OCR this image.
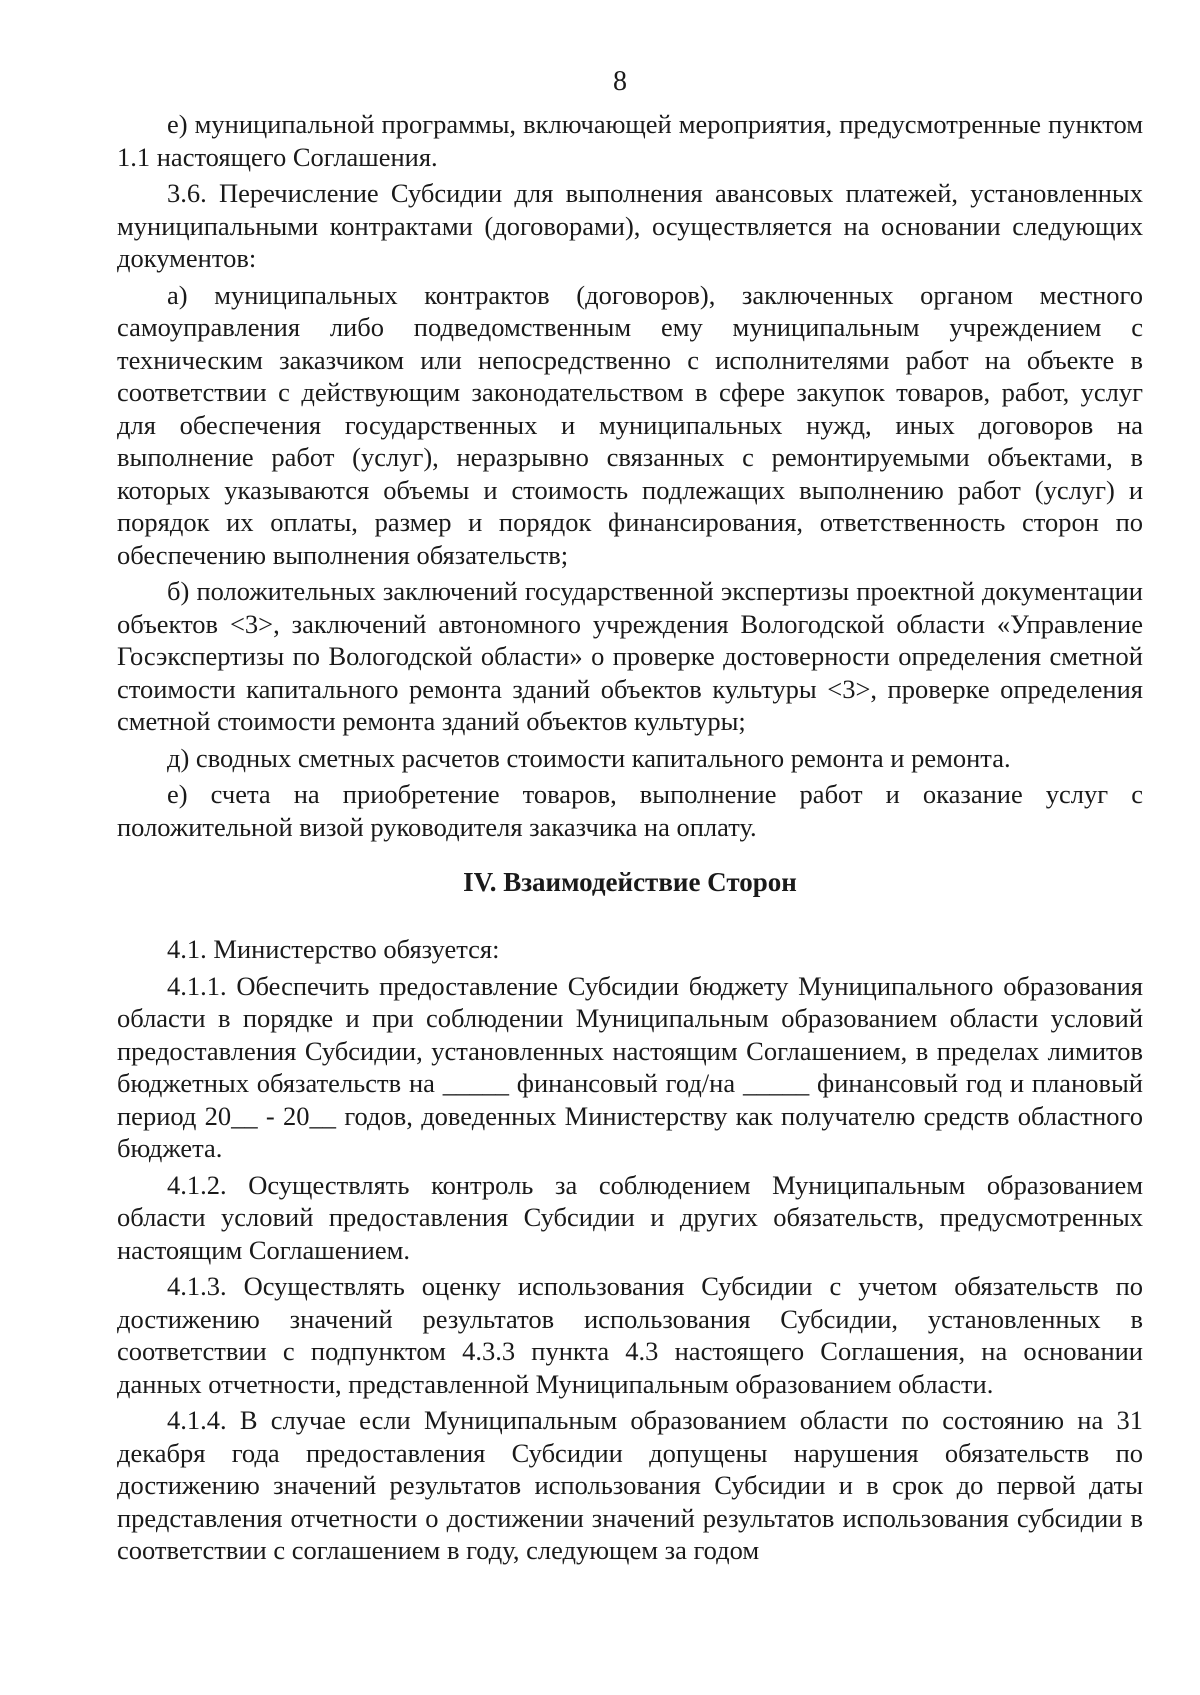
8

е) муниципальной программы, включающей мероприятия, предусмотренные пунктом 1.1 настоящего Соглашения.

3.6. Перечисление Субсидии для выполнения авансовых платежей, установленных муниципальными контрактами (договорами), осуществляется на основании следующих документов:

а) муниципальных контрактов (договоров), заключенных органом местного самоуправления либо подведомственным ему муниципальным учреждением с техническим заказчиком или непосредственно с исполнителями работ на объекте в соответствии с действующим законодательством в сфере закупок товаров, работ, услуг для обеспечения государственных и муниципальных нужд, иных договоров на выполнение работ (услуг), неразрывно связанных с ремонтируемыми объектами, в которых указываются объемы и стоимость подлежащих выполнению работ (услуг) и порядок их оплаты, размер и порядок финансирования, ответственность сторон по обеспечению выполнения обязательств;

б) положительных заключений государственной экспертизы проектной документации объектов <3>, заключений автономного учреждения Вологодской области «Управление Госэкспертизы по Вологодской области» о проверке достоверности определения сметной стоимости капитального ремонта зданий объектов культуры <3>, проверке определения сметной стоимости ремонта зданий объектов культуры;

д) сводных сметных расчетов стоимости капитального ремонта и ремонта.

е) счета на приобретение товаров, выполнение работ и оказание услуг с положительной визой руководителя заказчика на оплату.

IV. Взаимодействие Сторон

4.1. Министерство обязуется:

4.1.1. Обеспечить предоставление Субсидии бюджету Муниципального образования области в порядке и при соблюдении Муниципальным образованием области условий предоставления Субсидии, установленных настоящим Соглашением, в пределах лимитов бюджетных обязательств на _____ финансовый год/на _____ финансовый год и плановый период 20__ - 20__ годов, доведенных Министерству как получателю средств областного бюджета.

4.1.2. Осуществлять контроль за соблюдением Муниципальным образованием области условий предоставления Субсидии и других обязательств, предусмотренных настоящим Соглашением.

4.1.3. Осуществлять оценку использования Субсидии с учетом обязательств по достижению значений результатов использования Субсидии, установленных в соответствии с подпунктом 4.3.3 пункта 4.3 настоящего Соглашения, на основании данных отчетности, представленной Муниципальным образованием области.

4.1.4. В случае если Муниципальным образованием области по состоянию на 31 декабря года предоставления Субсидии допущены нарушения обязательств по достижению значений результатов использования Субсидии и в срок до первой даты представления отчетности о достижении значений результатов использования субсидии в соответствии с соглашением в году, следующем за годом
